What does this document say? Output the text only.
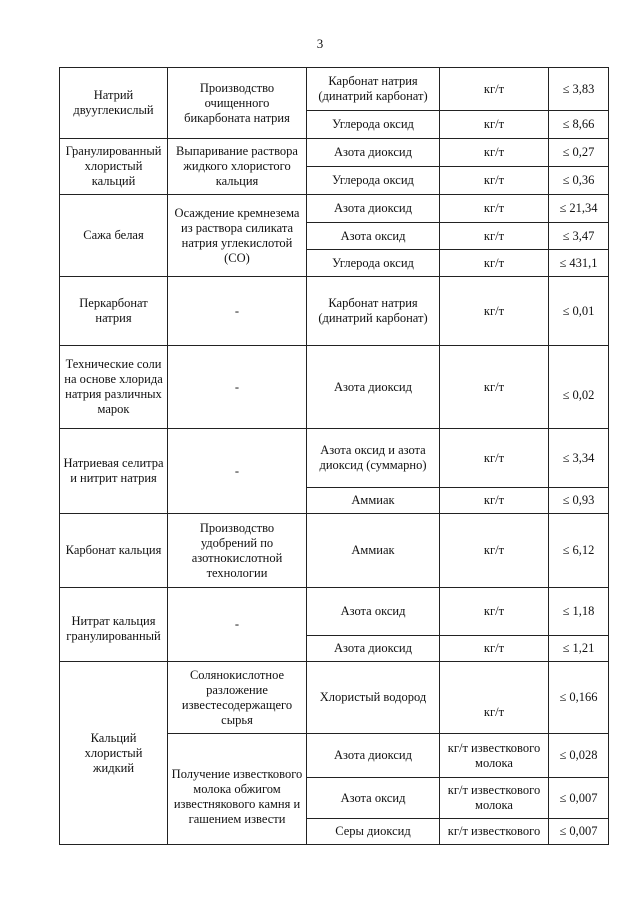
3
Натрий двууглекислый	Производство очищенного бикарбоната натрия	Карбонат натрия (динатрий карбонат)	кг/т	≤ 3,83
		Углерода оксид	кг/т	≤ 8,66
Гранулированный хлористый кальций	Выпаривание раствора жидкого хлористого кальция	Азота диоксид	кг/т	≤ 0,27
		Углерода оксид	кг/т	≤ 0,36
Сажа белая	Осаждение кремнезема из раствора силиката натрия углекислотой (СО)	Азота диоксид	кг/т	≤ 21,34
		Азота оксид	кг/т	≤ 3,47
		Углерода оксид	кг/т	≤ 431,1
Перкарбонат натрия	-	Карбонат натрия (динатрий карбонат)	кг/т	≤ 0,01
Технические соли на основе хлорида натрия различных марок	-	Азота диоксид	кг/т	≤ 0,02
Натриевая селитра и нитрит натрия	-	Азота оксид и азота диоксид (суммарно)	кг/т	≤ 3,34
		Аммиак	кг/т	≤ 0,93
Карбонат кальция	Производство удобрений по азотнокислотной технологии	Аммиак	кг/т	≤ 6,12
Нитрат кальция гранулированный	-	Азота оксид	кг/т	≤ 1,18
		Азота диоксид	кг/т	≤ 1,21
Кальций хлористый жидкий	Солянокислотное разложение известесодержащего сырья	Хлористый водород	кг/т	≤ 0,166
	Получение известкового молока обжигом известнякового камня и гашением извести	Азота диоксид	кг/т известкового молока	≤ 0,028
		Азота оксид	кг/т известкового молока	≤ 0,007
		Серы диоксид	кг/т известкового	≤ 0,007
